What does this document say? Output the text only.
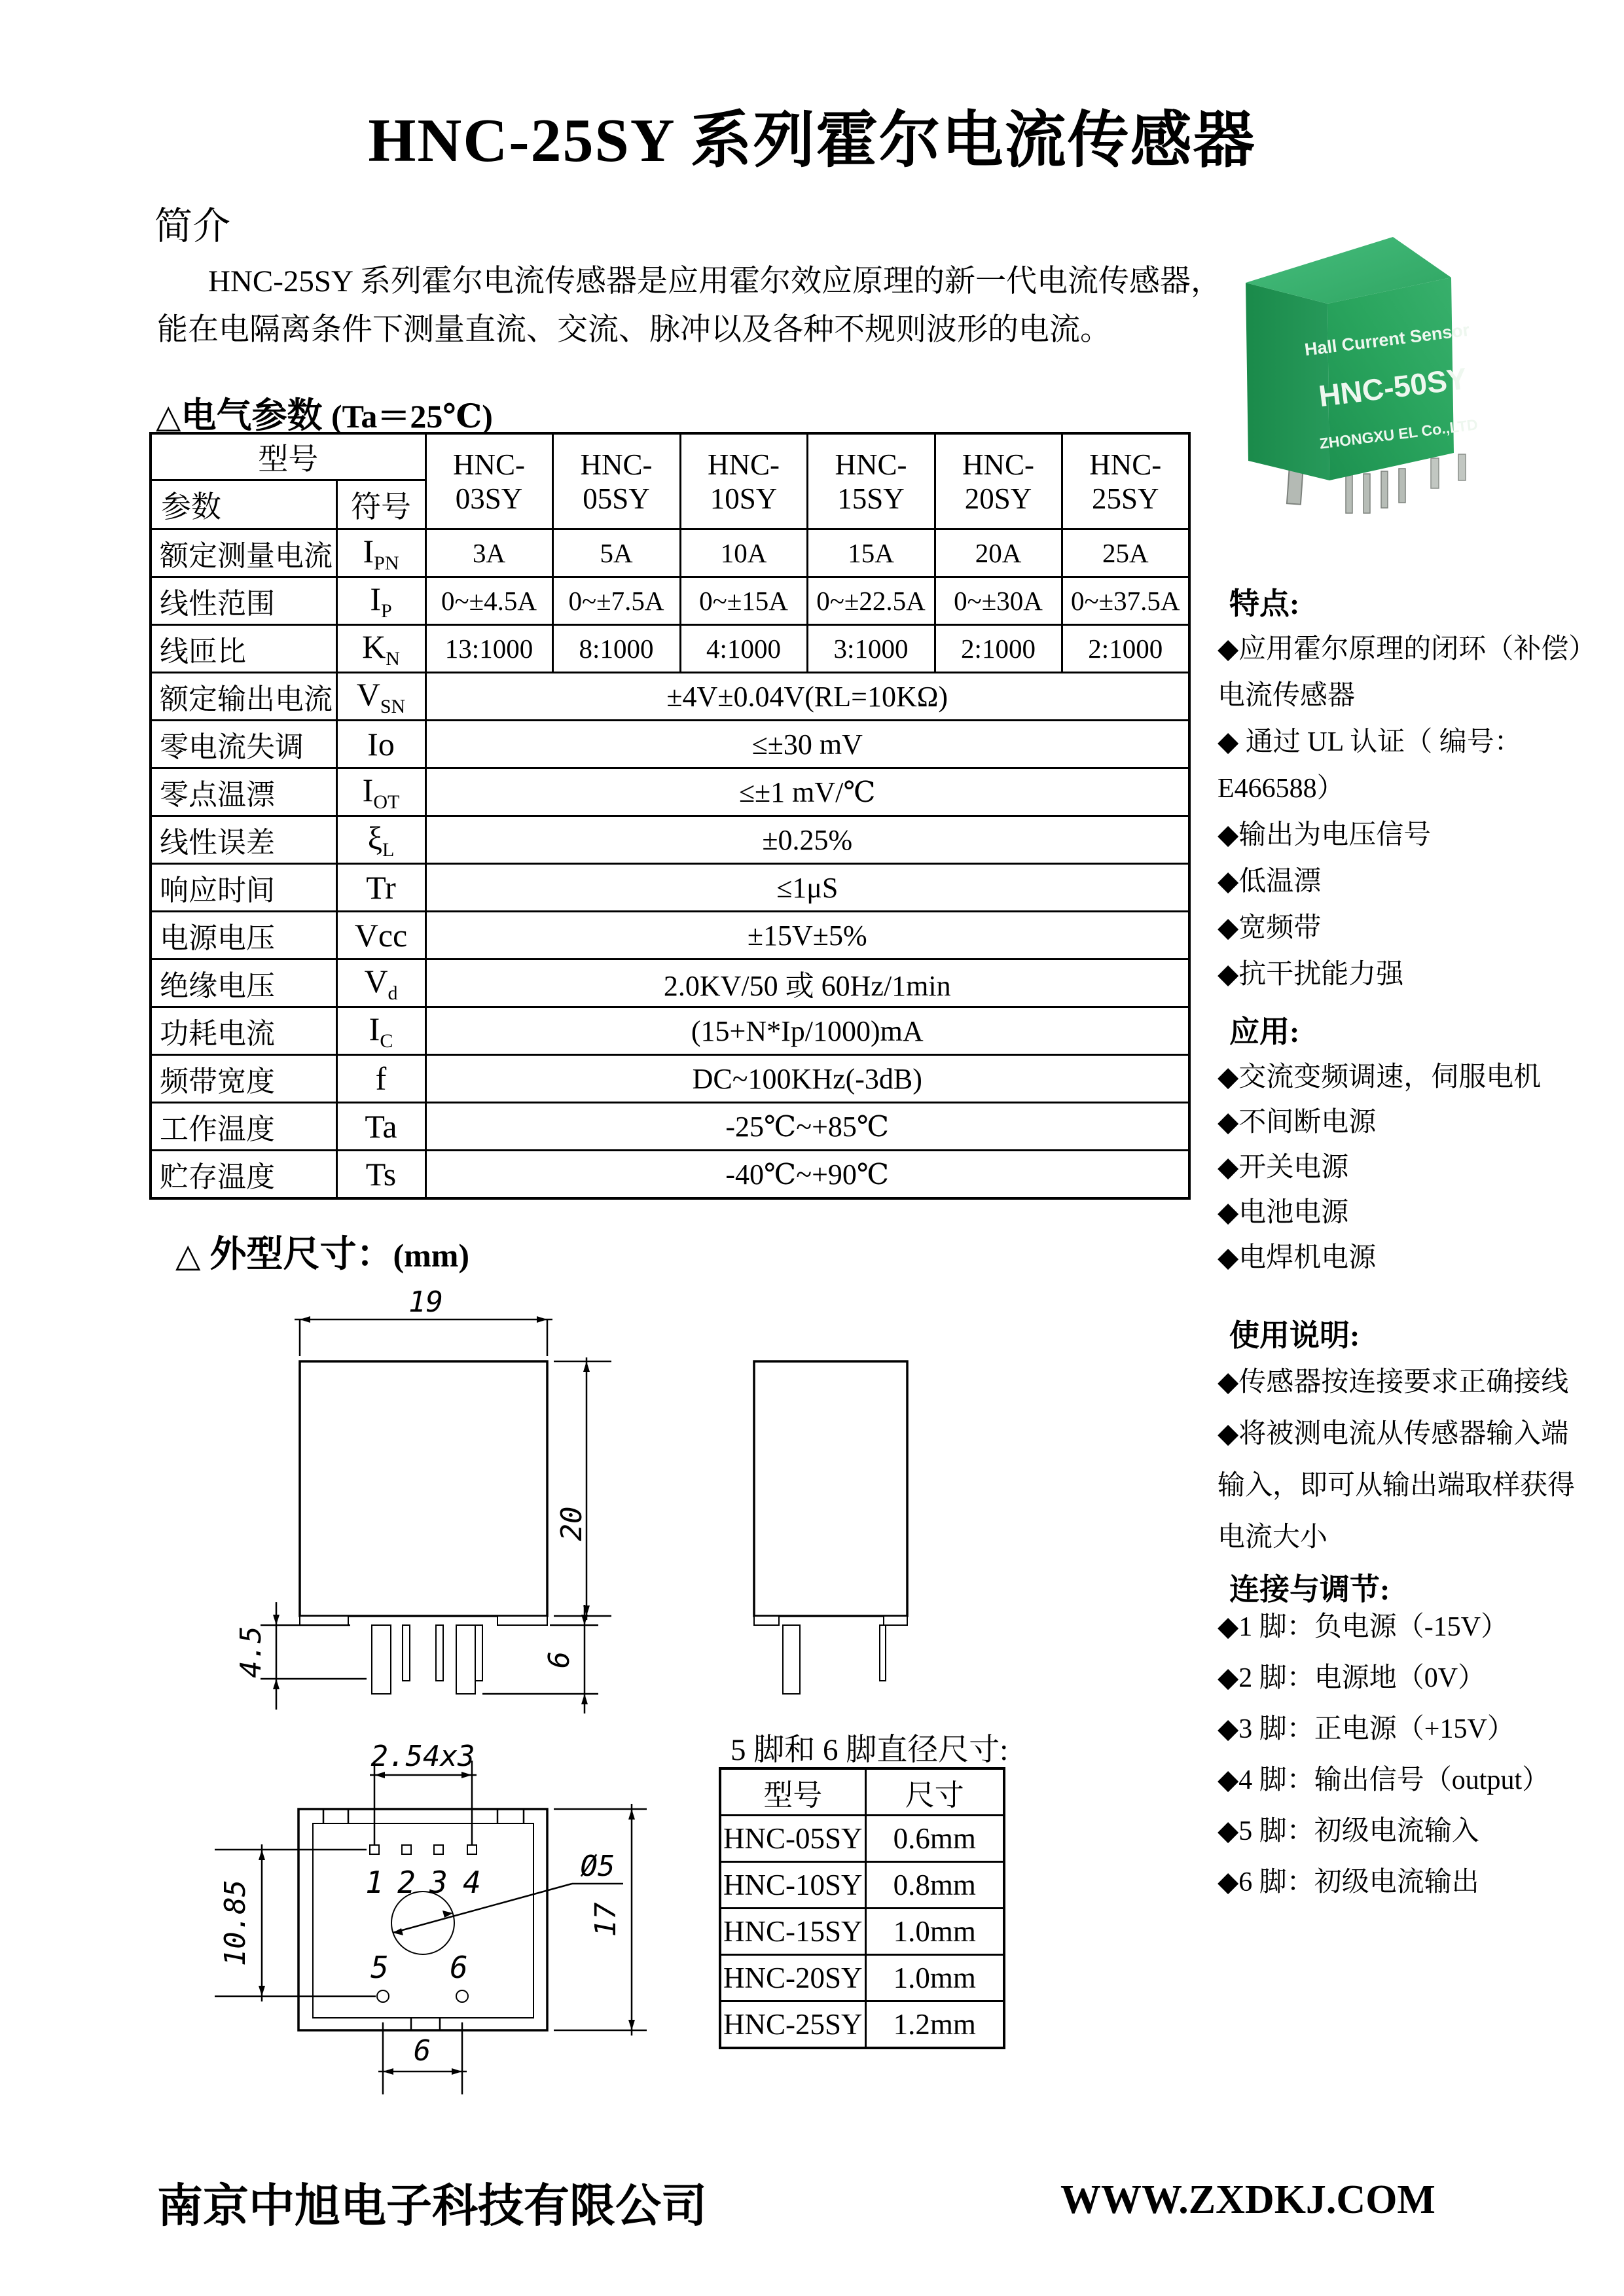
HNC-25SY 系列霍尔电流传感器
简介
HNC-25SY 系列霍尔电流传感器是应用霍尔效应原理的新一代电流传感器，
能在电隔离条件下测量直流、交流、脉冲以及各种不规则波形的电流。	Hall Current Sensor
HNC-50SY
ZHONGXU EL Co.,LTD
△电气参数 (Ta＝25℃)
型号		HNC-03SY	HNC-05SY	HNC-10SY	HNC-15SY	HNC-20SY	HNC-25SY
参数	符号						
额定测量电流	$I_{PN}$	3A	5A	10A	15A	20A	25A
线性范围	$I_P$	0~±4.5A	0~±7.5A	0~±15A	0~±22.5A	0~±30A	0~±37.5A
线匝比	$K_N$	13:1000	8:1000	4:1000	3:1000	2:1000	2:1000
额定输出电流	$V_{SN}$	±4V±0.04V(RL=10KΩ)					
零电流失调	Io	≤±30 mV					
零点温漂	$I_{OT}$	≤±1 mV/℃					
线性误差	$\xi_L$	±0.25%					
响应时间	Tr	≤1μS					
电源电压	Vcc	±15V±5%					
绝缘电压	$V_d$	2.0KV/50 或 60Hz/1min					
功耗电流	$I_C$	(15+N*Ip/1000)mA					
频带宽度	f	DC~100KHz(-3dB)					
工作温度	Ta	-25℃~+85℃					
贮存温度	Ts	-40℃~+90℃					
特点:
◆应用霍尔原理的闭环（补偿）
电流传感器
◆ 通过 UL 认证（ 编号：
E466588）
◆输出为电压信号
◆低温漂
◆宽频带
◆抗干扰能力强
应用:
◆交流变频调速，伺服电机
◆不间断电源
◆开关电源
◆电池电源
◆电焊机电源
使用说明:
◆传感器按连接要求正确接线
◆将被测电流从传感器输入端
输入，即可从输出端取样获得
电流大小
连接与调节:
◆1 脚：负电源（-15V）
◆2 脚：电源地（0V）
◆3 脚：正电源（+15V）
◆4 脚：输出信号（output）
◆5 脚：初级电流输入
◆6 脚：初级电流输出
△ 外型尺寸：(mm)
19
20
4.5	6
1 2 3 4
5 6
2.54x3
10.85	17
6
Ø5
5 脚和 6 脚直径尺寸:
型号	尺寸
HNC-05SY	0.6mm
HNC-10SY	0.8mm
HNC-15SY	1.0mm
HNC-20SY	1.0mm
HNC-25SY	1.2mm
南京中旭电子科技有限公司	WWW.ZXDKJ.COM
